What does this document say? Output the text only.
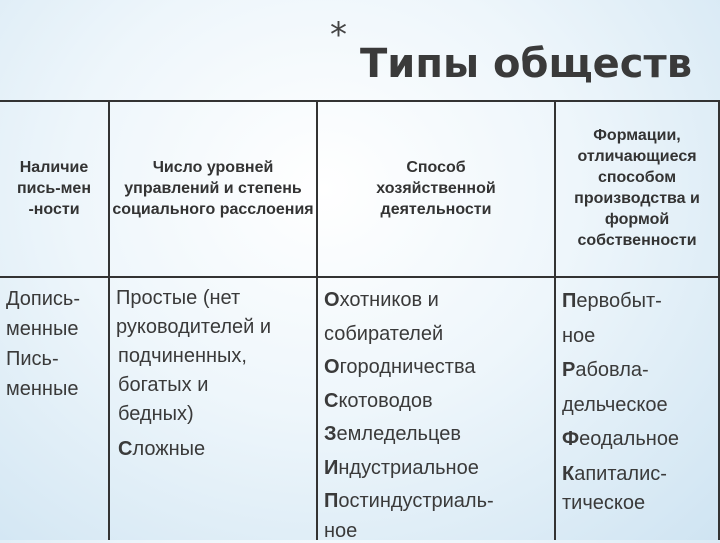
*
Типы обществ
Наличие пись-мен -ности
Число уровней управлений и степень социального расслоения
Способ хозяйственной деятельности
Формации, отличающиеся способом производства и формой собственности
Допись-
менные
Пись-
менные
Простые (нет
руководителей и
подчиненных,
богатых и
бедных)
Сложные
Охотников и
собирателей
Огородничества
Скотоводов
Земледельцев
Индустриальное
Постиндустриаль-
ное
Первобыт-
ное
Рабовла-
дельческое
Феодальное
Капиталис-
тическое
